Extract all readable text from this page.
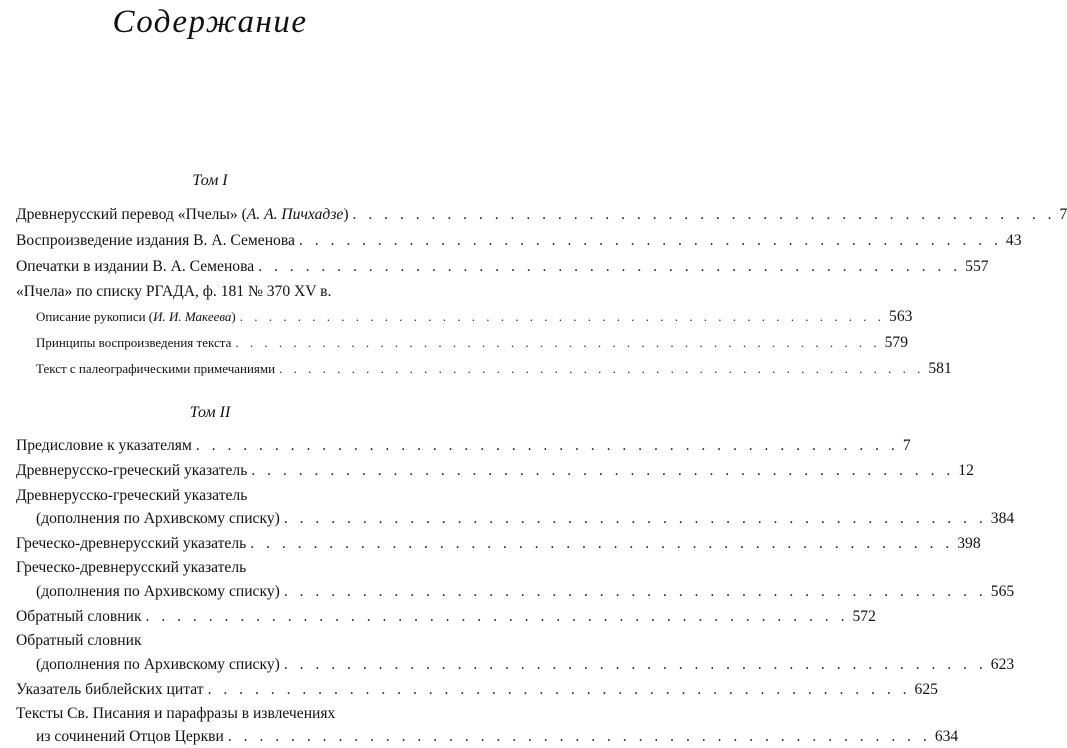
Содержание
Том I
Древнерусский перевод «Пчелы» (А. А. Пичхадзе) . . . . . . . . . . . . . . . . . . . . . . . . . . . . . . . . . . . . . . . . . . . . . 7
Воспроизведение издания В. А. Семенова . . . . . . . . . . . . . . . . . . . . . . . . . . . . . . . . . . . . . . . . . . . . . 43
Опечатки в издании В. А. Семенова . . . . . . . . . . . . . . . . . . . . . . . . . . . . . . . . . . . . . . . . . . . . . 557
«Пчела» по списку РГАДА, ф. 181 № 370 XV в.
Описание рукописи (И. И. Макеева) . . . . . . . . . . . . . . . . . . . . . . . . . . . . . . . . . . . . . . . . . . . . . 563
Принципы воспроизведения текста . . . . . . . . . . . . . . . . . . . . . . . . . . . . . . . . . . . . . . . . . . . . . 579
Текст с палеографическими примечаниями . . . . . . . . . . . . . . . . . . . . . . . . . . . . . . . . . . . . . . . . . . . . . 581
Том II
Предисловие к указателям . . . . . . . . . . . . . . . . . . . . . . . . . . . . . . . . . . . . . . . . . . . . . 7
Древнерусско-греческий указатель . . . . . . . . . . . . . . . . . . . . . . . . . . . . . . . . . . . . . . . . . . . . . 12
Древнерусско-греческий указатель
(дополнения по Архивскому списку) . . . . . . . . . . . . . . . . . . . . . . . . . . . . . . . . . . . . . . . . . . . . . 384
Греческо-древнерусский указатель . . . . . . . . . . . . . . . . . . . . . . . . . . . . . . . . . . . . . . . . . . . . . 398
Греческо-древнерусский указатель
(дополнения по Архивскому списку) . . . . . . . . . . . . . . . . . . . . . . . . . . . . . . . . . . . . . . . . . . . . . 565
Обратный словник . . . . . . . . . . . . . . . . . . . . . . . . . . . . . . . . . . . . . . . . . . . . . 572
Обратный словник
(дополнения по Архивскому списку) . . . . . . . . . . . . . . . . . . . . . . . . . . . . . . . . . . . . . . . . . . . . . 623
Указатель библейских цитат . . . . . . . . . . . . . . . . . . . . . . . . . . . . . . . . . . . . . . . . . . . . . 625
Тексты Св. Писания и парафразы в извлечениях
из сочинений Отцов Церкви . . . . . . . . . . . . . . . . . . . . . . . . . . . . . . . . . . . . . . . . . . . . . 634
